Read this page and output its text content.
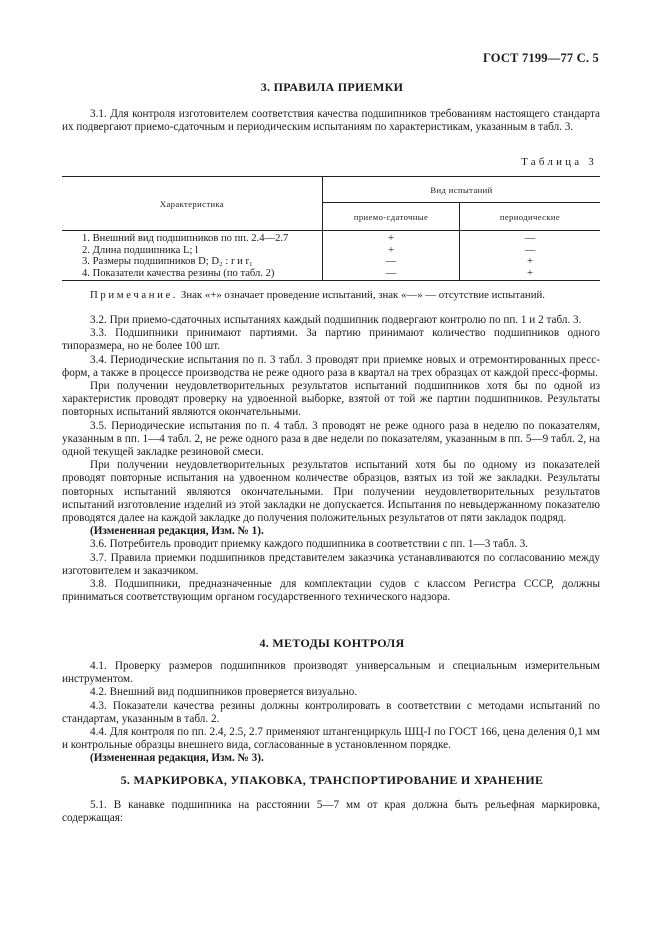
ГОСТ 7199—77 С. 5
3. ПРАВИЛА ПРИЕМКИ

3.1. Для контроля изготовителем соответствия качества подшипников требованиям настоящего стандарта их подвергают приемо-сдаточным и периодическим испытаниям по характеристикам, указанным в табл. 3.

Таблица 3
Характеристика	Вид испытаний	
	приемо-сдаточные	периодические
1. Внешний вид подшипников по пп. 2.4—2.7	+	—
2. Длина подшипника L; l	+	—
3. Размеры подшипников D; D₂ : r и r₁	—	+
4. Показатели качества резины (по табл. 2)	—	+
Примечание. Знак «+» означает проведение испытаний, знак «—» — отсутствие испытаний.

3.2. При приемо-сдаточных испытаниях каждый подшипник подвергают контролю по пп. 1 и 2 табл. 3.

3.3. Подшипники принимают партиями. За партию принимают количество подшипников одного типоразмера, но не более 100 шт.

3.4. Периодические испытания по п. 3 табл. 3 проводят при приемке новых и отремонтированных пресс-форм, а также в процессе производства не реже одного раза в квартал на трех образцах от каждой пресс-формы.

При получении неудовлетворительных результатов испытаний подшипников хотя бы по одной из характеристик проводят проверку на удвоенной выборке, взятой от той же партии подшипников. Результаты повторных испытаний являются окончательными.

3.5. Периодические испытания по п. 4 табл. 3 проводят не реже одного раза в неделю по показателям, указанным в пп. 1—4 табл. 2, не реже одного раза в две недели по показателям, указанным в пп. 5—9 табл. 2, на одной текущей закладке резиновой смеси.

При получении неудовлетворительных результатов испытаний хотя бы по одному из показателей проводят повторные испытания на удвоенном количестве образцов, взятых из той же закладки. Результаты повторных испытаний являются окончательными. При получении неудовлетворительных результатов испытаний изготовление изделий из этой закладки не допускается. Испытания по невыдержанному показателю проводятся далее на каждой закладке до получения положительных результатов от пяти закладок подряд.

(Измененная редакция, Изм. № 1).

3.6. Потребитель проводит приемку каждого подшипника в соответствии с пп. 1—3 табл. 3.

3.7. Правила приемки подшипников представителем заказчика устанавливаются по согласованию между изготовителем и заказчиком.

3.8. Подшипники, предназначенные для комплектации судов с классом Регистра СССР, должны приниматься соответствующим органом государственного технического надзора.

4. МЕТОДЫ КОНТРОЛЯ

4.1. Проверку размеров подшипников производят универсальным и специальным измерительным инструментом.

4.2. Внешний вид подшипников проверяется визуально.

4.3. Показатели качества резины должны контролировать в соответствии с методами испытаний по стандартам, указанным в табл. 2.

4.4. Для контроля по пп. 2.4, 2.5, 2.7 применяют штангенциркуль ШЦ-I по ГОСТ 166, цена деления 0,1 мм и контрольные образцы внешнего вида, согласованные в установленном порядке.

(Измененная редакция, Изм. № 3).

5. МАРКИРОВКА, УПАКОВКА, ТРАНСПОРТИРОВАНИЕ И ХРАНЕНИЕ

5.1. В канавке подшипника на расстоянии 5—7 мм от края должна быть рельефная маркировка, содержащая:
